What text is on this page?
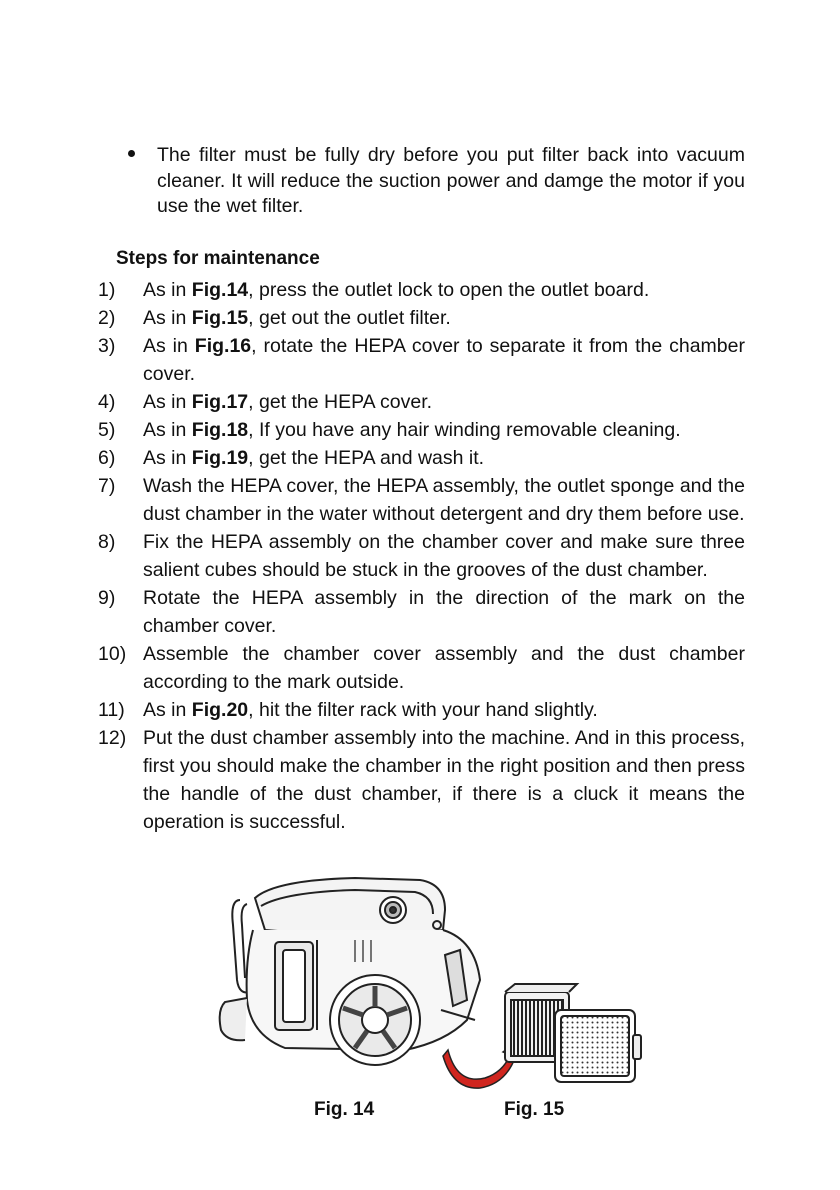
The filter must be fully dry before you put filter back into vacuum cleaner. It will reduce the suction power and damge the motor if you use the wet filter.
Steps for maintenance
1) As in Fig.14, press the outlet lock to open the outlet board.
2) As in Fig.15, get out the outlet filter.
3) As in Fig.16, rotate the HEPA cover to separate it from the chamber cover.
4) As in Fig.17, get the HEPA cover.
5) As in Fig.18, If you have any hair winding removable cleaning.
6) As in Fig.19, get the HEPA and wash it.
7) Wash the HEPA cover, the HEPA assembly, the outlet sponge and the dust chamber in the water without detergent and dry them before use.
8) Fix the HEPA assembly on the chamber cover and make sure three salient cubes should be stuck in the grooves of the dust chamber.
9) Rotate the HEPA assembly in the direction of the mark on the chamber cover.
10) Assemble the chamber cover assembly and the dust chamber according to the mark outside.
11) As in Fig.20, hit the filter rack with your hand slightly.
12) Put the dust chamber assembly into the machine. And in this process, first you should make the chamber in the right position and then press the handle of the dust chamber, if there is a cluck it means the operation is successful.
Fig. 14	Fig. 15
